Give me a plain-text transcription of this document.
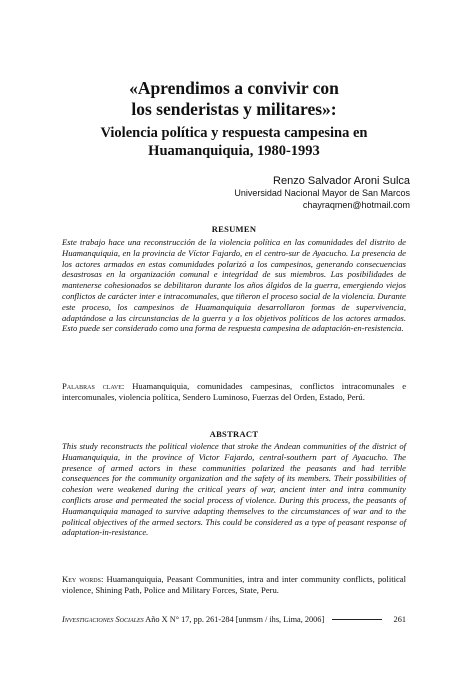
«Aprendimos a convivir con
los senderistas y militares»:
Violencia política y respuesta campesina en
Huamanquiquia, 1980-1993
Renzo Salvador Aroni Sulca
Universidad Nacional Mayor de San Marcos
chayraqmen@hotmail.com
RESUMEN

Este trabajo hace una reconstrucción de la violencia política en las comunidades del distrito de Huamanquiquia, en la provincia de Víctor Fajardo, en el centro-sur de Ayacucho. La presencia de los actores armados en estas comunidades polarizó a los campesinos, generando consecuencias desastrosas en la organización comunal e integridad de sus miembros. Las posibilidades de mantenerse cohesionados se debilitaron durante los años álgidos de la guerra, emergiendo viejos conflictos de carácter inter e intracomunales, que tiñeron el proceso social de la violencia. Durante este proceso, los campesinos de Huamanquiquia desarrollaron formas de supervivencia, adaptándose a las circunstancias de la guerra y a los objetivos políticos de los actores armados. Esto puede ser considerado como una forma de respuesta campesina de adaptación-en-resistencia.

Palabras clave: Huamanquiquia, comunidades campesinas, conflictos intracomunales e intercomunales, violencia política, Sendero Luminoso, Fuerzas del Orden, Estado, Perú.

ABSTRACT

This study reconstructs the political violence that stroke the Andean communities of the district of Huamanquiquia, in the province of Victor Fajardo, central-southern part of Ayacucho. The presence of armed actors in these communities polarized the peasants and had terrible consequences for the community organization and the safety of its members. Their possibilities of cohesion were weakened during the critical years of war, ancient inter and intra community conflicts arose and permeated the social process of violence. During this process, the peasants of Huamanquiquia managed to survive adapting themselves to the circumstances of war and to the political objectives of the armed sectors. This could be considered as a type of peasant response of adaptation-in-resistance.

Key words: Huamanquiquia, Peasant Communities, intra and inter community conflicts, political violence, Shining Path, Police and Military Forces, State, Peru.

Investigaciones Sociales Año X N° 17, pp. 261-284 [unmsm / ihs, Lima, 2006]	261
